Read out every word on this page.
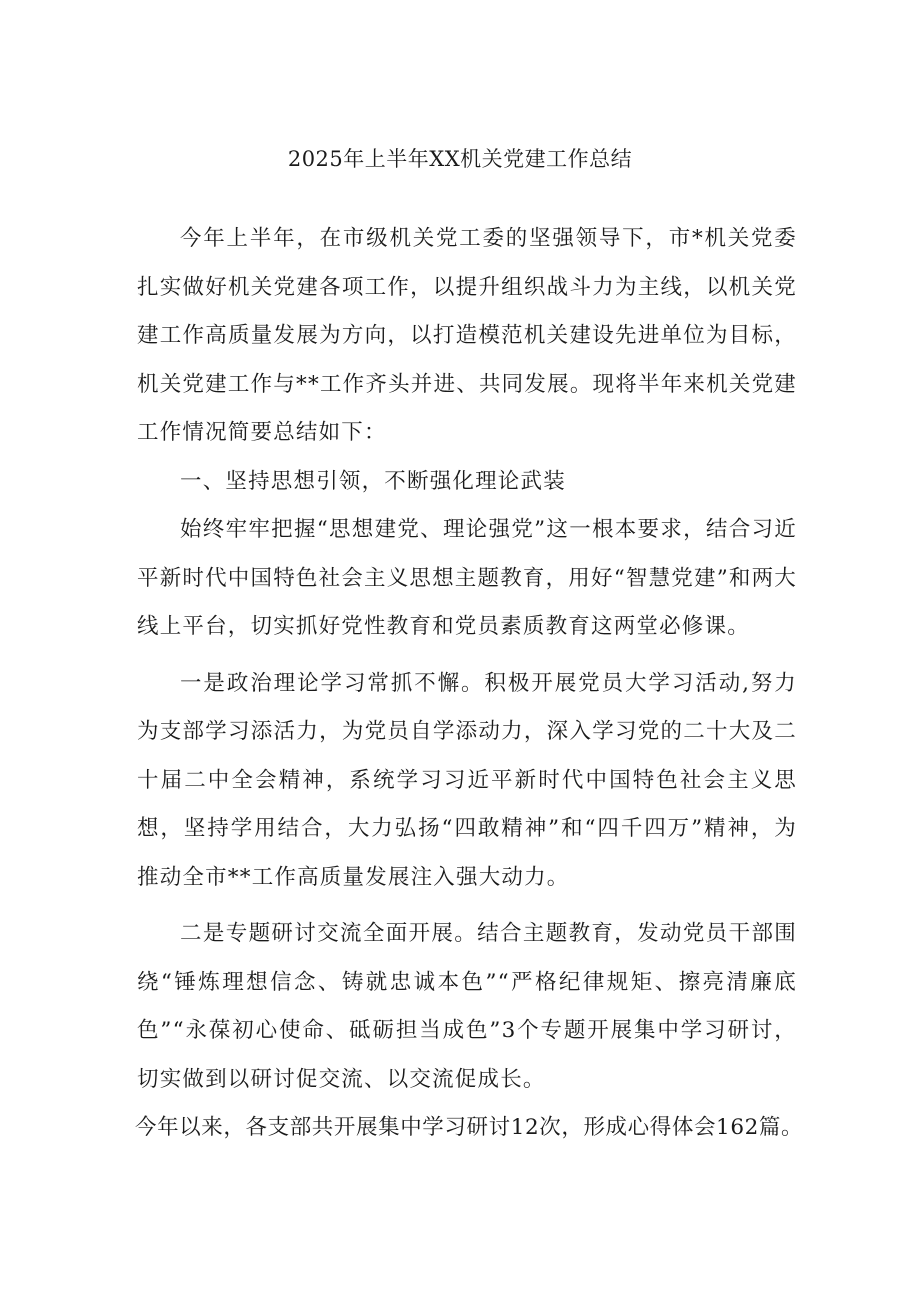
2025年上半年XX机关党建工作总结

今年上半年，在市级机关党工委的坚强领导下，市*机关党委扎实做好机关党建各项工作，以提升组织战斗力为主线，以机关党建工作高质量发展为方向，以打造模范机关建设先进单位为目标，机关党建工作与**工作齐头并进、共同发展。现将半年来机关党建工作情况简要总结如下：

一、坚持思想引领，不断强化理论武装

始终牢牢把握“思想建党、理论强党”这一根本要求，结合习近平新时代中国特色社会主义思想主题教育，用好“智慧党建”和两大线上平台，切实抓好党性教育和党员素质教育这两堂必修课。

一是政治理论学习常抓不懈。积极开展党员大学习活动,努力为支部学习添活力，为党员自学添动力，深入学习党的二十大及二十届二中全会精神，系统学习习近平新时代中国特色社会主义思想，坚持学用结合，大力弘扬“四敢精神”和“四千四万”精神，为推动全市**工作高质量发展注入强大动力。

二是专题研讨交流全面开展。结合主题教育，发动党员干部围绕“锤炼理想信念、铸就忠诚本色”“严格纪律规矩、擦亮清廉底色”“永葆初心使命、砥砺担当成色”3个专题开展集中学习研讨，切实做到以研讨促交流、以交流促成长。

今年以来，各支部共开展集中学习研讨12次，形成心得体会162篇。
